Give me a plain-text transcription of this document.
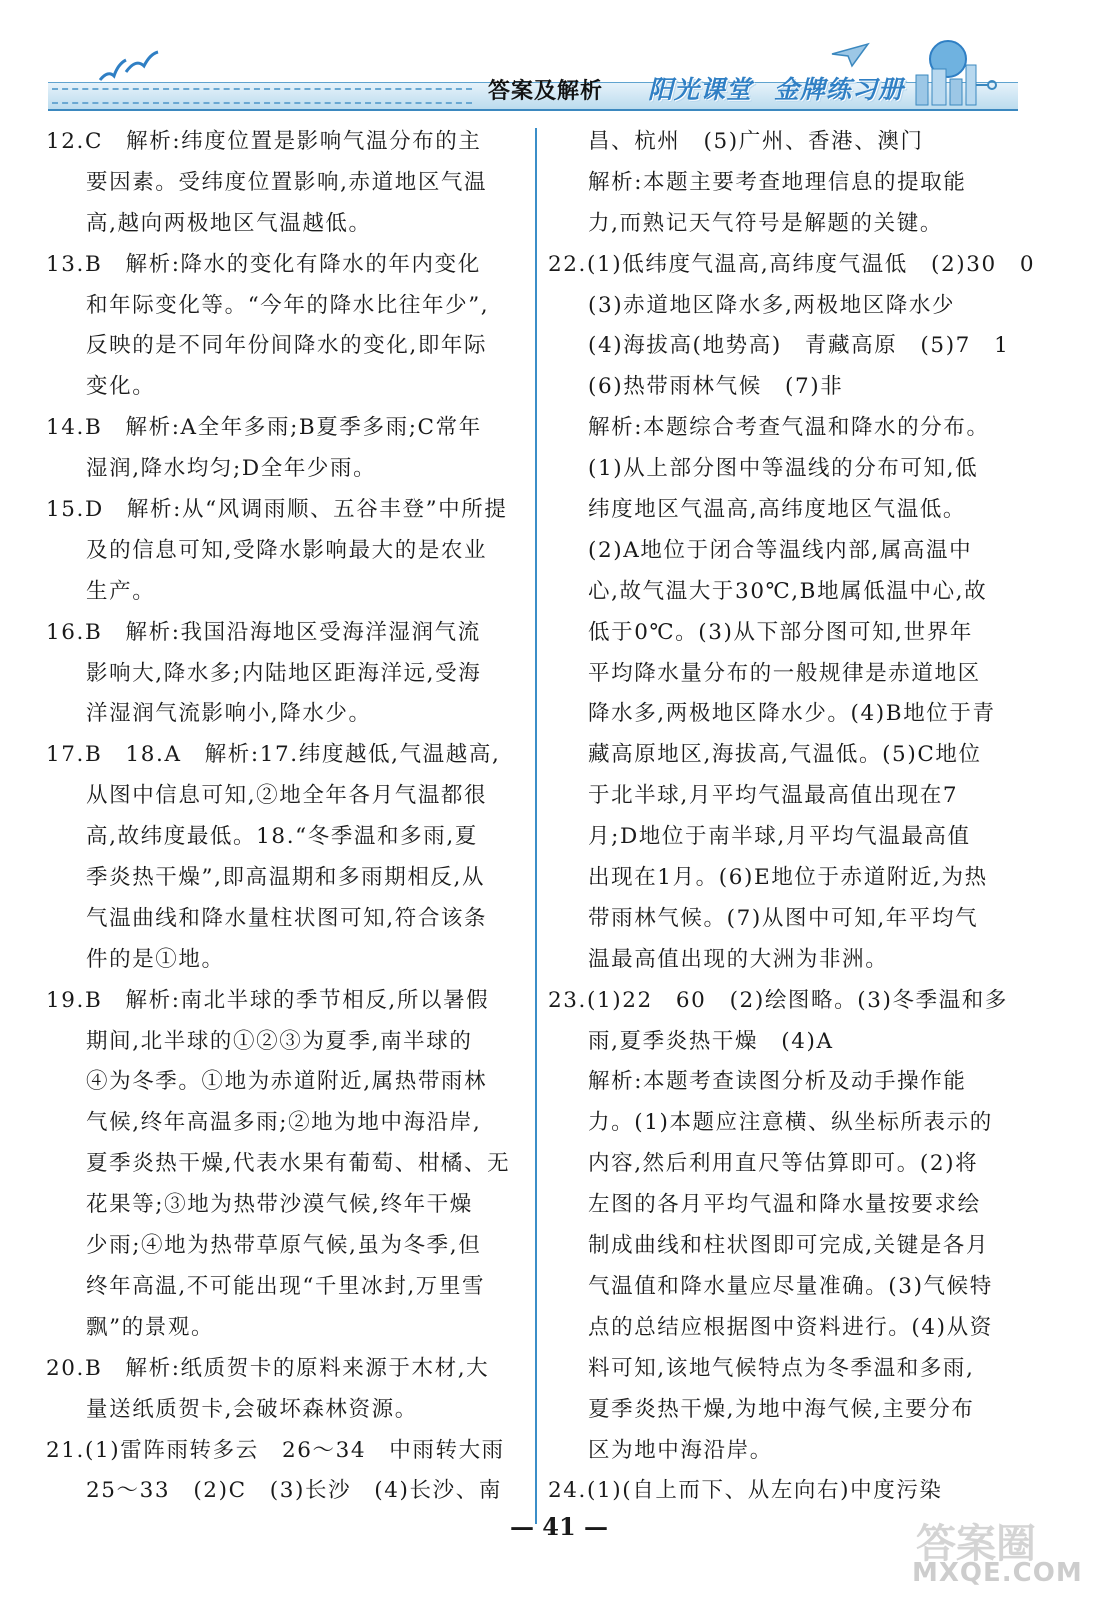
答案及解析 阳光课堂 金牌练习册
12.C　解析:纬度位置是影响气温分布的主
要因素。受纬度位置影响,赤道地区气温
高,越向两极地区气温越低。
13.B　解析:降水的变化有降水的年内变化
和年际变化等。“今年的降水比往年少”,
反映的是不同年份间降水的变化,即年际
变化。
14.B　解析:A全年多雨;B夏季多雨;C常年
湿润,降水均匀;D全年少雨。
15.D　解析:从“风调雨顺、五谷丰登”中所提
及的信息可知,受降水影响最大的是农业
生产。
16.B　解析:我国沿海地区受海洋湿润气流
影响大,降水多;内陆地区距海洋远,受海
洋湿润气流影响小,降水少。
17.B　18.A　解析:17.纬度越低,气温越高,
从图中信息可知,②地全年各月气温都很
高,故纬度最低。18.“冬季温和多雨,夏
季炎热干燥”,即高温期和多雨期相反,从
气温曲线和降水量柱状图可知,符合该条
件的是①地。
19.B　解析:南北半球的季节相反,所以暑假
期间,北半球的①②③为夏季,南半球的
④为冬季。①地为赤道附近,属热带雨林
气候,终年高温多雨;②地为地中海沿岸,
夏季炎热干燥,代表水果有葡萄、柑橘、无
花果等;③地为热带沙漠气候,终年干燥
少雨;④地为热带草原气候,虽为冬季,但
终年高温,不可能出现“千里冰封,万里雪
飘”的景观。
20.B　解析:纸质贺卡的原料来源于木材,大
量送纸质贺卡,会破坏森林资源。
21.(1)雷阵雨转多云　26～34　中雨转大雨
25～33　(2)C　(3)长沙　(4)长沙、南
昌、杭州　(5)广州、香港、澳门
解析:本题主要考查地理信息的提取能
力,而熟记天气符号是解题的关键。
22.(1)低纬度气温高,高纬度气温低　(2)30　0
(3)赤道地区降水多,两极地区降水少
(4)海拔高(地势高)　青藏高原　(5)7　1
(6)热带雨林气候　(7)非
解析:本题综合考查气温和降水的分布。
(1)从上部分图中等温线的分布可知,低
纬度地区气温高,高纬度地区气温低。
(2)A地位于闭合等温线内部,属高温中
心,故气温大于30℃,B地属低温中心,故
低于0℃。(3)从下部分图可知,世界年
平均降水量分布的一般规律是赤道地区
降水多,两极地区降水少。(4)B地位于青
藏高原地区,海拔高,气温低。(5)C地位
于北半球,月平均气温最高值出现在7
月;D地位于南半球,月平均气温最高值
出现在1月。(6)E地位于赤道附近,为热
带雨林气候。(7)从图中可知,年平均气
温最高值出现的大洲为非洲。
23.(1)22　60　(2)绘图略。(3)冬季温和多
雨,夏季炎热干燥　(4)A
解析:本题考查读图分析及动手操作能
力。(1)本题应注意横、纵坐标所表示的
内容,然后利用直尺等估算即可。(2)将
左图的各月平均气温和降水量按要求绘
制成曲线和柱状图即可完成,关键是各月
气温值和降水量应尽量准确。(3)气候特
点的总结应根据图中资料进行。(4)从资
料可知,该地气候特点为冬季温和多雨,
夏季炎热干燥,为地中海气候,主要分布
区为地中海沿岸。
24.(1)(自上而下、从左向右)中度污染
— 41 —	答案圈
MXQE.COM
